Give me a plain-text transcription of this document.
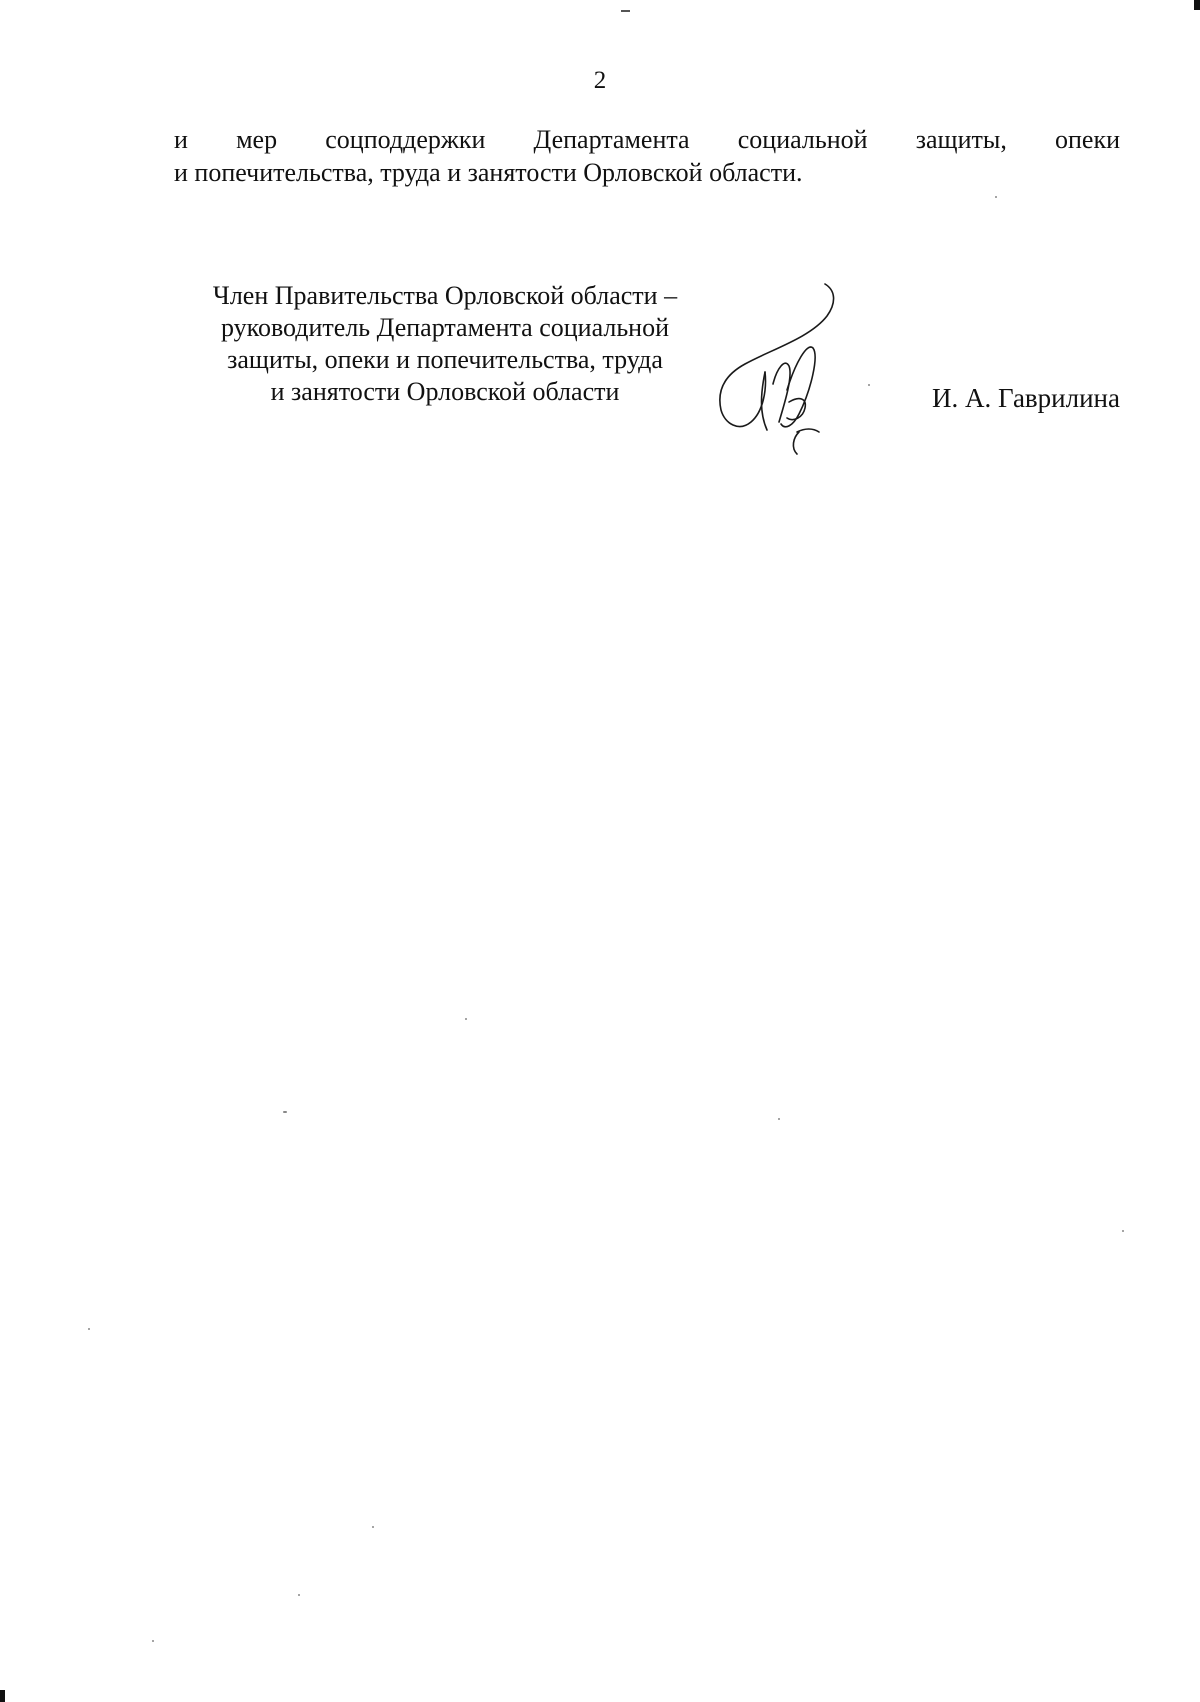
2
и мер соцподдержки Департамента социальной защиты, опеки
и попечительства, труда и занятости Орловской области.
Член Правительства Орловской области –
руководитель Департамента социальной
защиты, опеки и попечительства, труда
и занятости Орловской области	И. А. Гаврилина
